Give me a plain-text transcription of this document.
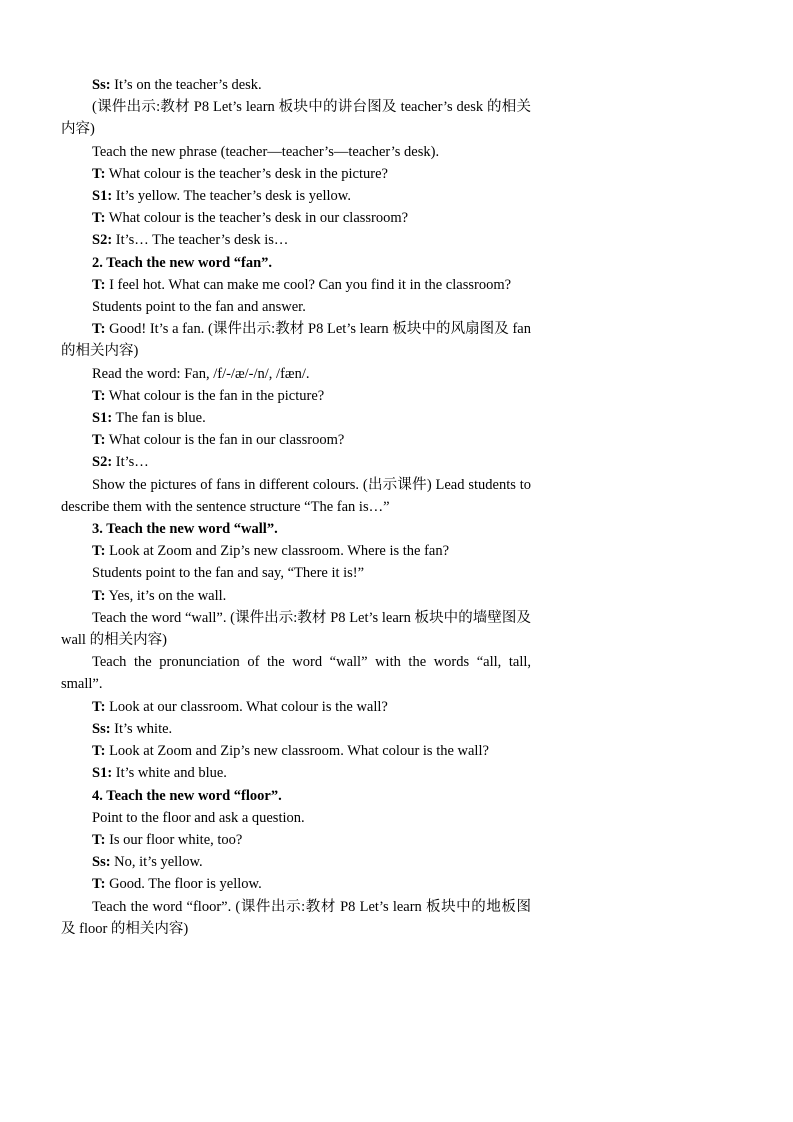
Ss: It’s on the teacher’s desk.

(课件出示:教材 P8 Let’s learn 板块中的讲台图及 teacher’s desk 的相关内容)

Teach the new phrase (teacher—teacher’s—teacher’s desk).

T: What colour is the teacher’s desk in the picture?

S1: It’s yellow. The teacher’s desk is yellow.

T: What colour is the teacher’s desk in our classroom?

S2: It’s… The teacher’s desk is…

2. Teach the new word “fan”.

T: I feel hot. What can make me cool? Can you find it in the classroom?

Students point to the fan and answer.

T: Good! It’s a fan. (课件出示:教材 P8 Let’s learn 板块中的风扇图及 fan 的相关内容)

Read the word: Fan, /f/-/æ/-/n/, /fæn/.

T: What colour is the fan in the picture?

S1: The fan is blue.

T: What colour is the fan in our classroom?

S2: It’s…

Show the pictures of fans in different colours. (出示课件) Lead students to describe them with the sentence structure “The fan is…”

3. Teach the new word “wall”.

T: Look at Zoom and Zip’s new classroom. Where is the fan?

Students point to the fan and say, “There it is!”

T: Yes, it’s on the wall.

Teach the word “wall”. (课件出示:教材 P8 Let’s learn 板块中的墙壁图及 wall 的相关内容)

Teach the pronunciation of the word “wall” with the words “all, tall, small”.

T: Look at our classroom. What colour is the wall?

Ss: It’s white.

T: Look at Zoom and Zip’s new classroom. What colour is the wall?

S1: It’s white and blue.

4. Teach the new word “floor”.

Point to the floor and ask a question.

T: Is our floor white, too?

Ss: No, it’s yellow.

T: Good. The floor is yellow.

Teach the word “floor”. (课件出示:教材 P8 Let’s learn 板块中的地板图及 floor 的相关内容)
